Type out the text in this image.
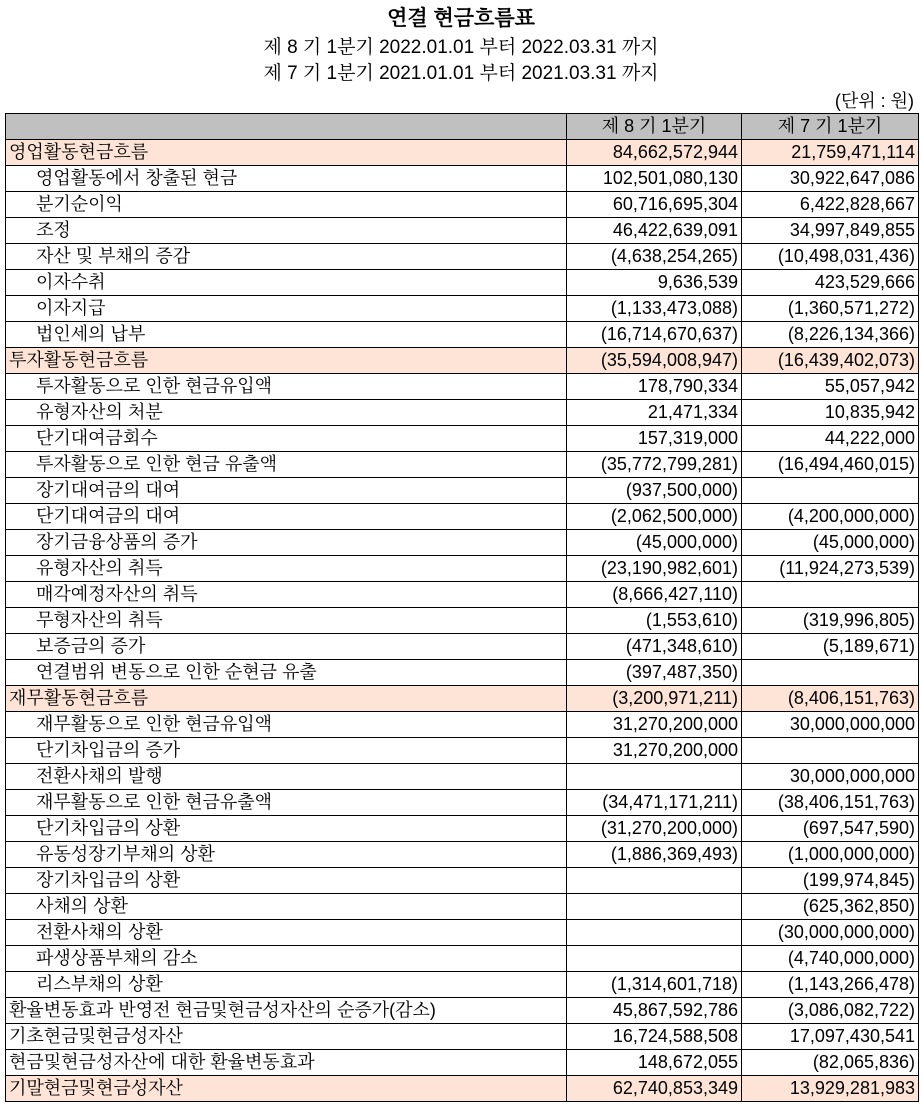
연결 현금흐름표
제 8 기 1분기 2022.01.01 부터 2022.03.31 까지
제 7 기 1분기 2021.01.01 부터 2021.03.31 까지
(단위 : 원)
	제 8 기 1분기	제 7 기 1분기
영업활동현금흐름	84,662,572,944	21,759,471,114
영업활동에서 창출된 현금	102,501,080,130	30,922,647,086
분기순이익	60,716,695,304	6,422,828,667
조정	46,422,639,091	34,997,849,855
자산 및 부채의 증감	(4,638,254,265)	(10,498,031,436)
이자수취	9,636,539	423,529,666
이자지급	(1,133,473,088)	(1,360,571,272)
법인세의 납부	(16,714,670,637)	(8,226,134,366)
투자활동현금흐름	(35,594,008,947)	(16,439,402,073)
투자활동으로 인한 현금유입액	178,790,334	55,057,942
유형자산의 처분	21,471,334	10,835,942
단기대여금회수	157,319,000	44,222,000
투자활동으로 인한 현금 유출액	(35,772,799,281)	(16,494,460,015)
장기대여금의 대여	(937,500,000)	
단기대여금의 대여	(2,062,500,000)	(4,200,000,000)
장기금융상품의 증가	(45,000,000)	(45,000,000)
유형자산의 취득	(23,190,982,601)	(11,924,273,539)
매각예정자산의 취득	(8,666,427,110)	
무형자산의 취득	(1,553,610)	(319,996,805)
보증금의 증가	(471,348,610)	(5,189,671)
연결범위 변동으로 인한 순현금 유출	(397,487,350)	
재무활동현금흐름	(3,200,971,211)	(8,406,151,763)
재무활동으로 인한 현금유입액	31,270,200,000	30,000,000,000
단기차입금의 증가	31,270,200,000	
전환사채의 발행		30,000,000,000
재무활동으로 인한 현금유출액	(34,471,171,211)	(38,406,151,763)
단기차입금의 상환	(31,270,200,000)	(697,547,590)
유동성장기부채의 상환	(1,886,369,493)	(1,000,000,000)
장기차입금의 상환		(199,974,845)
사채의 상환		(625,362,850)
전환사채의 상환		(30,000,000,000)
파생상품부채의 감소		(4,740,000,000)
리스부채의 상환	(1,314,601,718)	(1,143,266,478)
환율변동효과 반영전 현금및현금성자산의 순증가(감소)	45,867,592,786	(3,086,082,722)
기초현금및현금성자산	16,724,588,508	17,097,430,541
현금및현금성자산에 대한 환율변동효과	148,672,055	(82,065,836)
기말현금및현금성자산	62,740,853,349	13,929,281,983
